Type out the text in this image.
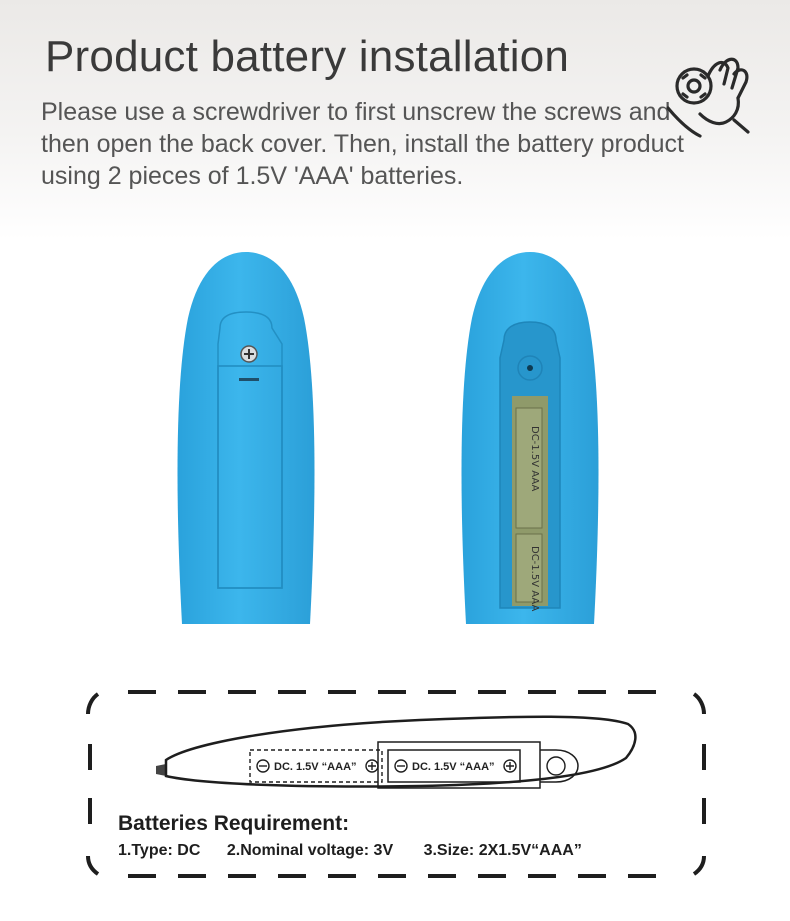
Product battery installation
Please use a screwdriver to first unscrew the screws and then open the back cover. Then, install the battery product using 2 pieces of 1.5V 'AAA' batteries.
DC-1.5V AAA
DC-1.5V AAA
DC. 1.5V “AAA”	DC. 1.5V “AAA”
Batteries Requirement:
1.Type: DC 2.Nominal voltage: 3V 3.Size: 2X1.5V“AAA”
